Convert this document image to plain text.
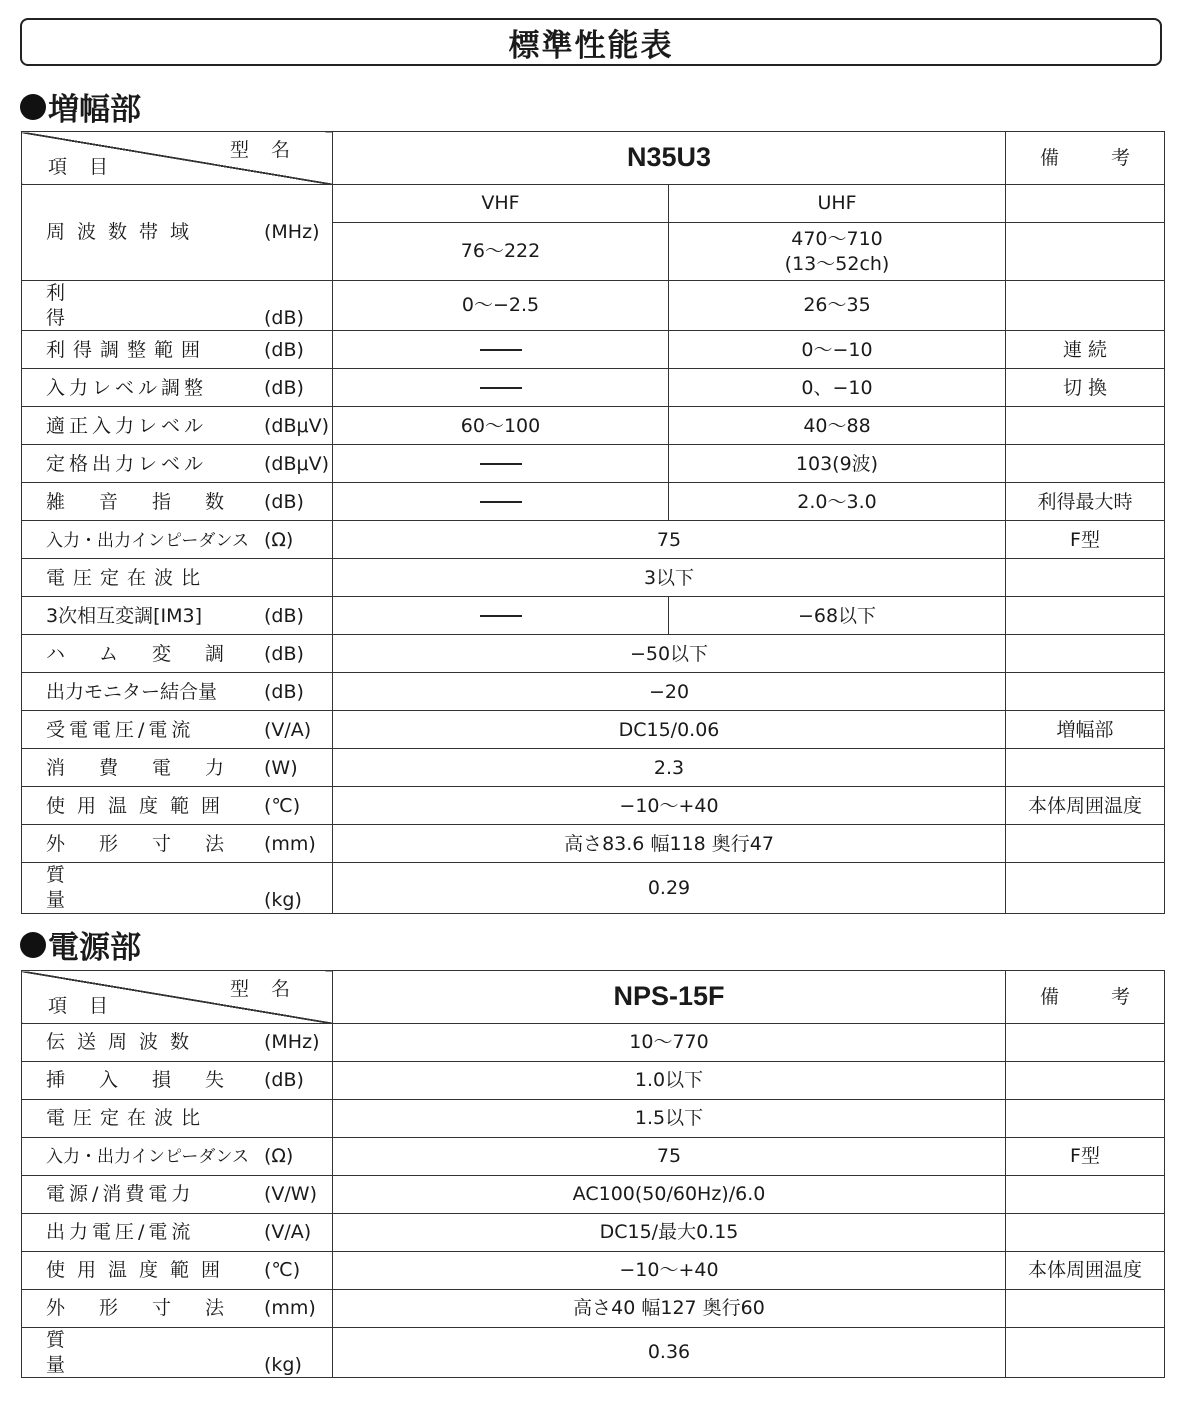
標準性能表
増幅部
型名
項目	N35U3		備 考
周波数帯域 (MHz)	VHF	UHF	
	76〜222	470〜710
(13〜52ch)	

利得 (dB)	0〜−2.5	26〜35	
利得調整範囲 (dB)		0〜−10	連 続
入力レベル調整 (dB)		0、−10	切 換
適正入力レベル (dBμV)	60〜100	40〜88	
定格出力レベル (dBμV)		103(9波)	
雑音指数 (dB)		2.0〜3.0	利得最大時
入力・出力インピーダンス (Ω)	75		F型
電圧定在波比	3以下		
3次相互変調[IM3] (dB)		−68以下	
ハム変調 (dB)	−50以下		
出力モニター結合量 (dB)	−20		
受電電圧/電流 (V/A)	DC15/0.06		増幅部
消費電力 (W)	2.3		
使用温度範囲 (℃)	−10〜+40		本体周囲温度
外形寸法 (mm)	高さ83.6 幅118 奥行47		
質量 (kg)	0.29		
電源部
型名
項目	NPS-15F	備 考
伝送周波数 (MHz)	10〜770	
挿入損失 (dB)	1.0以下	
電圧定在波比	1.5以下	
入力・出力インピーダンス (Ω)	75	F型
電源/消費電力 (V/W)	AC100(50/60Hz)/6.0	
出力電圧/電流 (V/A)	DC15/最大0.15	
使用温度範囲 (℃)	−10〜+40	本体周囲温度
外形寸法 (mm)	高さ40 幅127 奥行60	
質量 (kg)	0.36	
